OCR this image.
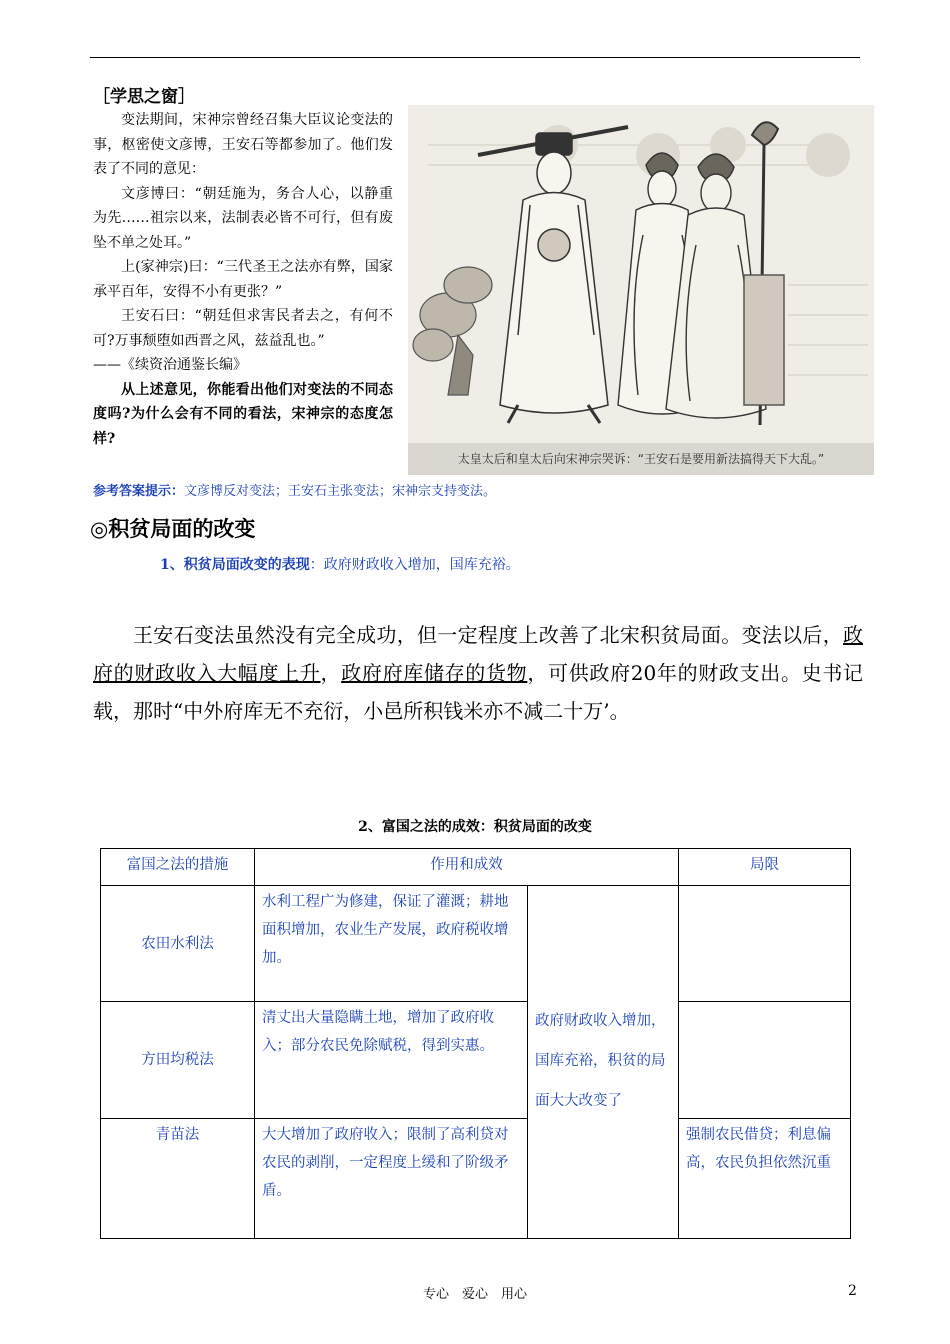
［学思之窗］

变法期间，宋神宗曾经召集大臣议论变法的事，枢密使文彦博，王安石等都参加了。他们发表了不同的意见：

文彦博曰：“朝廷施为，务合人心，以静重为先……祖宗以来，法制表必皆不可行，但有废坠不单之处耳。”

上(家神宗)曰：“三代圣王之法亦有弊，国家承平百年，安得不小有更张？”

王安石曰：“朝廷但求害民者去之，有何不可?万事颓堕如西晋之风，兹益乱也。”

——《续资治通鉴长编》

从上述意见，你能看出他们对变法的不同态度吗?为什么会有不同的看法，宋神宗的态度怎样?

太皇太后和皇太后向宋神宗哭诉：“王安石是要用新法搞得天下大乱。”
参考答案提示：文彦博反对变法；王安石主张变法；宋神宗支持变法。
◎积贫局面的改变
1、积贫局面改变的表现：政府财政收入增加，国库充裕。

王安石变法虽然没有完全成功，但一定程度上改善了北宋积贫局面。变法以后，政府的财政收入大幅度上升，政府府库储存的货物，可供政府20年的财政支出。史书记载，那时“中外府库无不充衍，小邑所积钱米亦不减二十万’。

2、富国之法的成效：积贫局面的改变
富国之法的措施	作用和成效		局限
农田水利法	水利工程广为修建，保证了灌溉；耕地面积增加，农业生产发展，政府税收增加。	政府财政收入增加，国库充裕，积贫的局面大大改变了	
方田均税法	清丈出大量隐瞒土地，增加了政府收入；部分农民免除赋税，得到实惠。		
青苗法	大大增加了政府收入；限制了高利贷对农民的剥削，一定程度上缓和了阶级矛盾。		强制农民借贷；利息偏高，农民负担依然沉重
专心　爱心　用心	2
